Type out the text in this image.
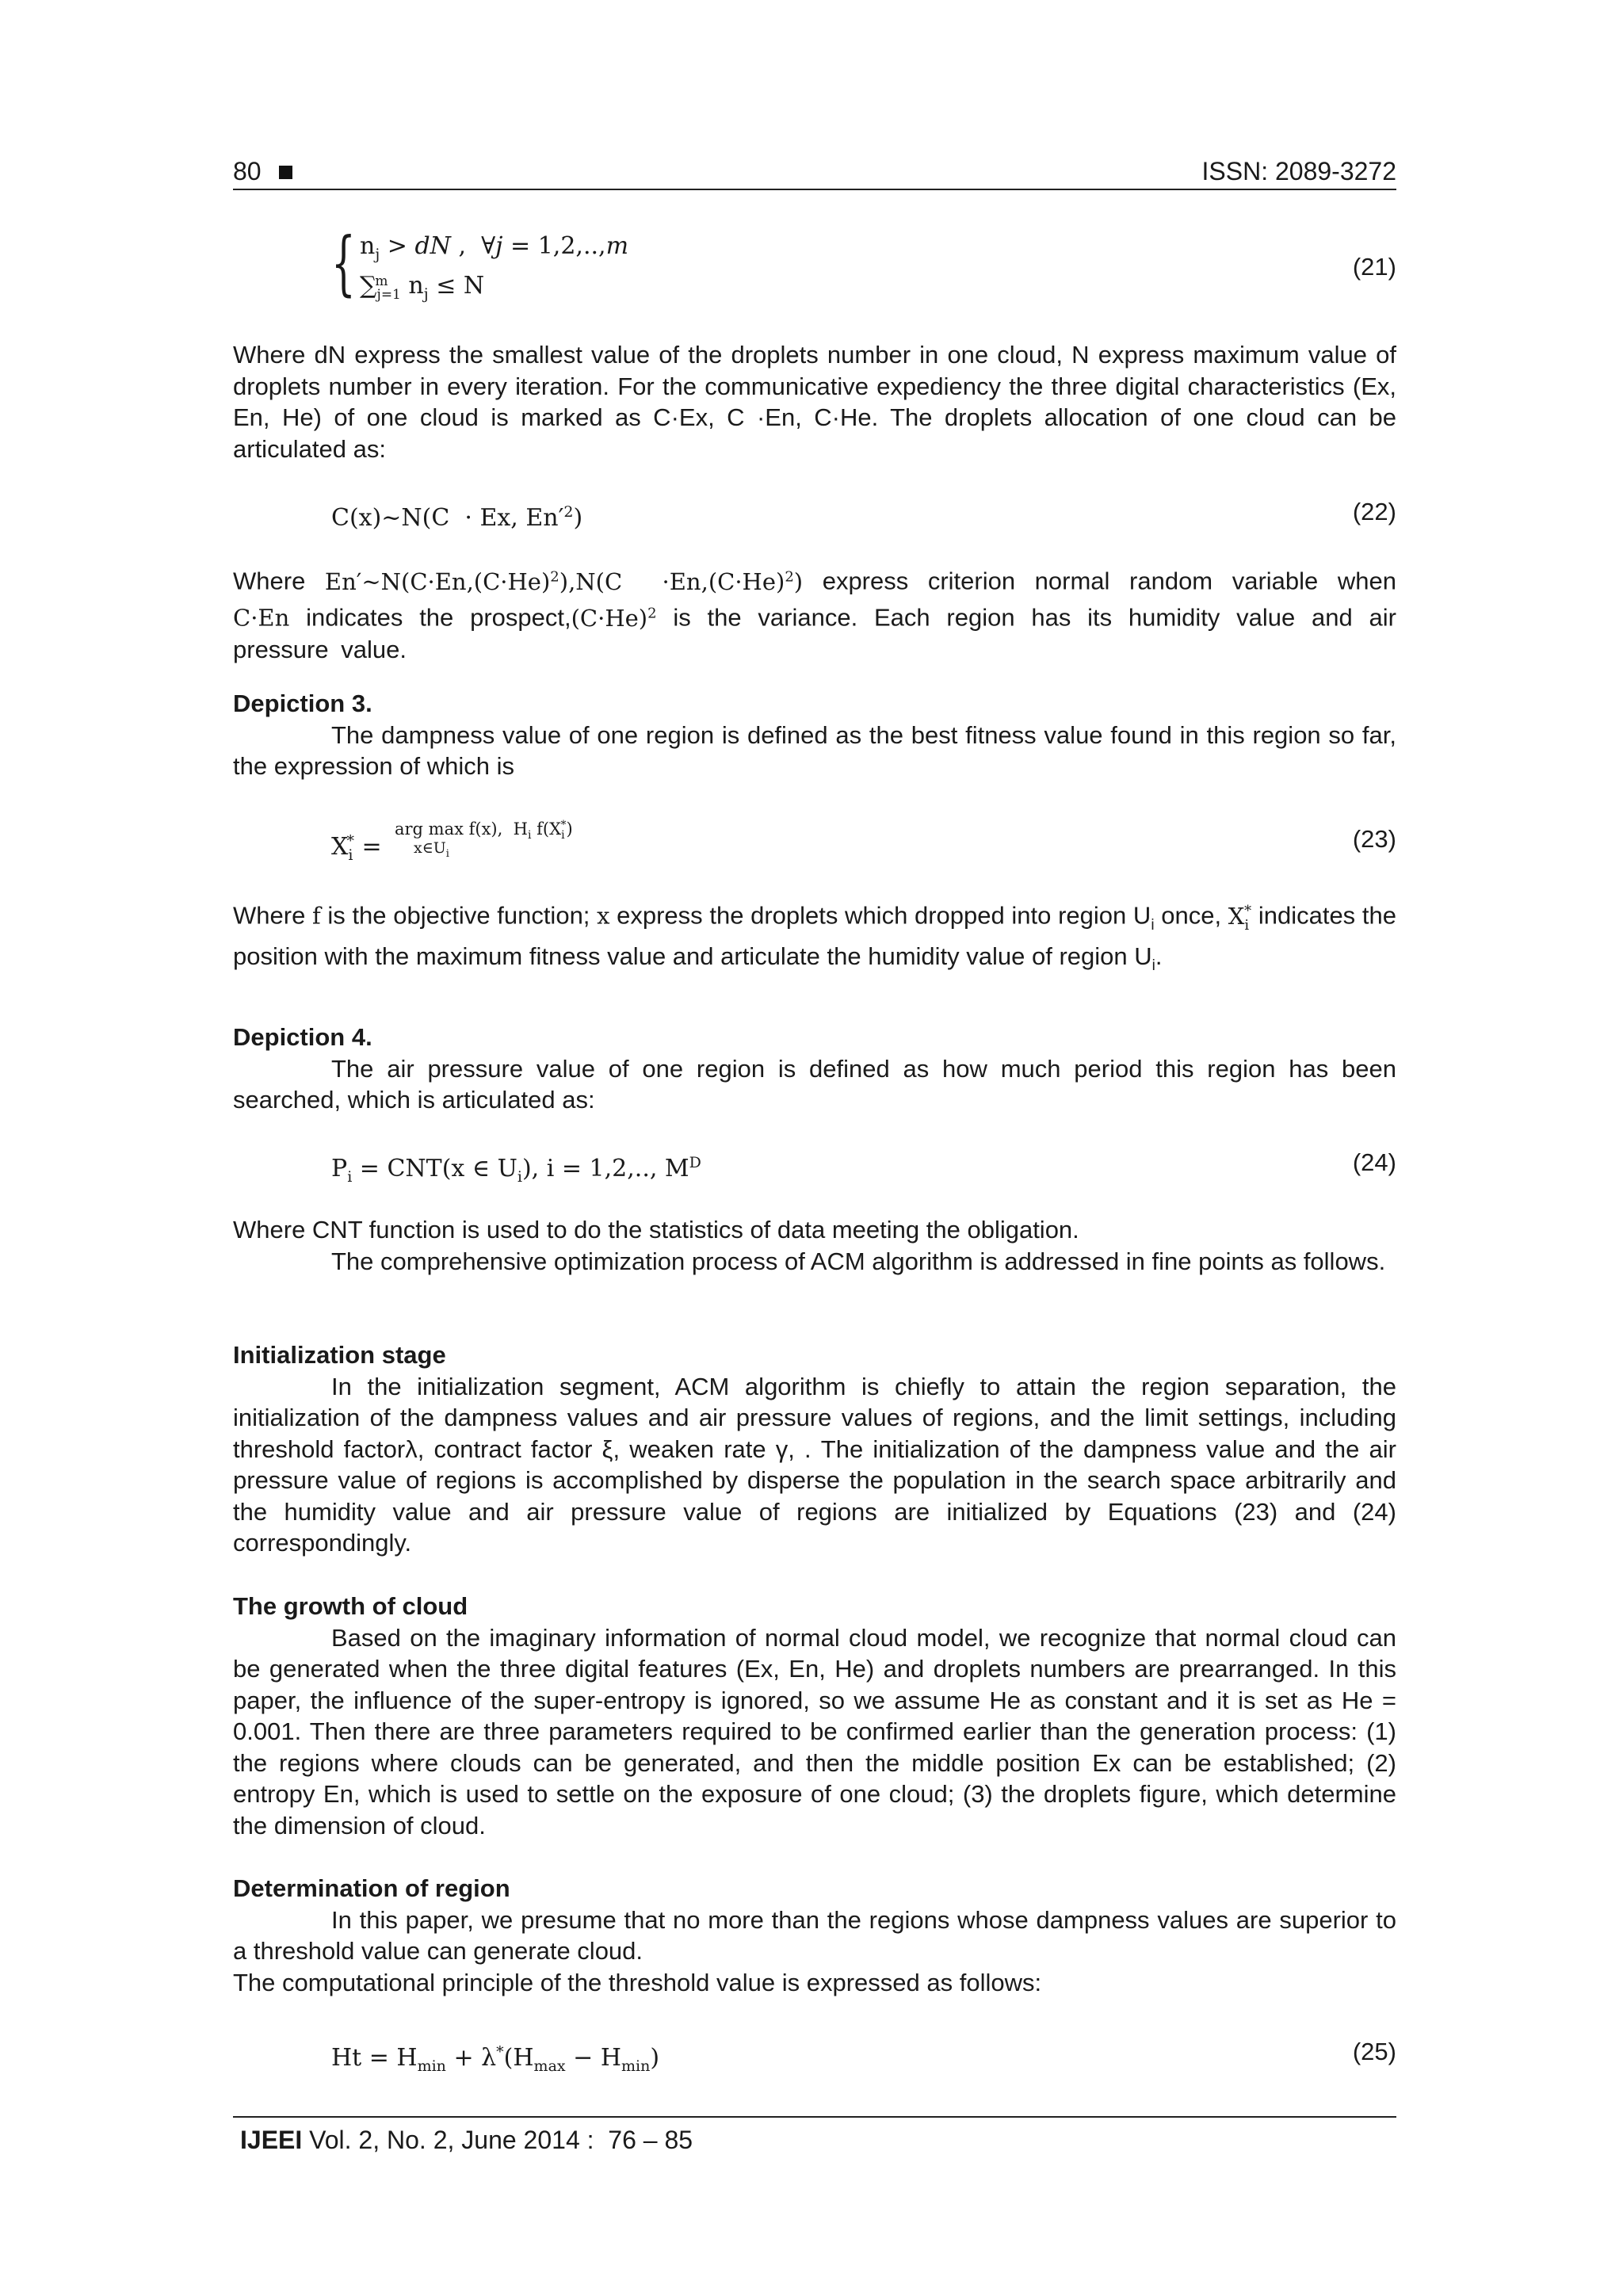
80	ISSN: 2089-3272
{ $n_j$ > dN ,  ∀j = 1,2,..,m
∑$^m_{j=1}$ $n_j \le N$
(21)

Where dN express the smallest value of the droplets number in one cloud, N express maximum value of droplets number in every iteration. For the communicative expediency the three digital characteristics (Ex, En, He) of one cloud is marked as C·Ex, C ·En, C·He. The droplets allocation of one cloud can be articulated as:

C(x)~N(C  · Ex, $En'^2$)	(22)

Where $En'\sim N(C\cdot En,(C\cdot He)^2),N(C \cdot En,(C\cdot He)^2)$ express criterion normal random variable when C·En indicates the $prospect,(C\cdot He)^2$ is the variance. Each region has its humidity value and air pressure value.

Depiction 3.

The dampness value of one region is defined as the best fitness value found in this region so far, the expression of which is

$X_i^*$ =
arg max f(x),  $H_i$ $f(X_i^*)$
$x\in U_i$
(23)

Where f is the objective function; x express the droplets which dropped into region $U_i$ once, $X_i^*$ indicates the position with the maximum fitness value and articulate the humidity value of region $U_i$.

Depiction 4.

The air pressure value of one region is defined as how much period this region has been searched, which is articulated as:

$P_i = CNT(x$ ∈ $U_i$), i = 1,2,.., $M^D$	(24)

Where CNT function is used to do the statistics of data meeting the obligation.

The comprehensive optimization process of ACM algorithm is addressed in fine points as follows.

Initialization stage

In the initialization segment, ACM algorithm is chiefly to attain the region separation, the initialization of the dampness values and air pressure values of regions, and the limit settings, including threshold factorλ, contract factor ξ, weaken rate γ, . The initialization of the dampness value and the air pressure value of regions is accomplished by disperse the population in the search space arbitrarily and the humidity value and air pressure value of regions are initialized by Equations (23) and (24) correspondingly.

The growth of cloud

Based on the imaginary information of normal cloud model, we recognize that normal cloud can be generated when the three digital features (Ex, En, He) and droplets numbers are prearranged. In this paper, the influence of the super-entropy is ignored, so we assume He as constant and it is set as He = 0.001. Then there are three parameters required to be confirmed earlier than the generation process: (1) the regions where clouds can be generated, and then the middle position Ex can be established; (2) entropy En, which is used to settle on the exposure of one cloud; (3) the droplets figure, which determine the dimension of cloud.

Determination of region

In this paper, we presume that no more than the regions whose dampness values are superior to a threshold value can generate cloud.

The computational principle of the threshold value is expressed as follows:

$Ht = H_{min} + \lambda^*(H_{max} - H_{min})$	(25)
IJEEI Vol. 2, No. 2, June 2014 :  76 – 85
